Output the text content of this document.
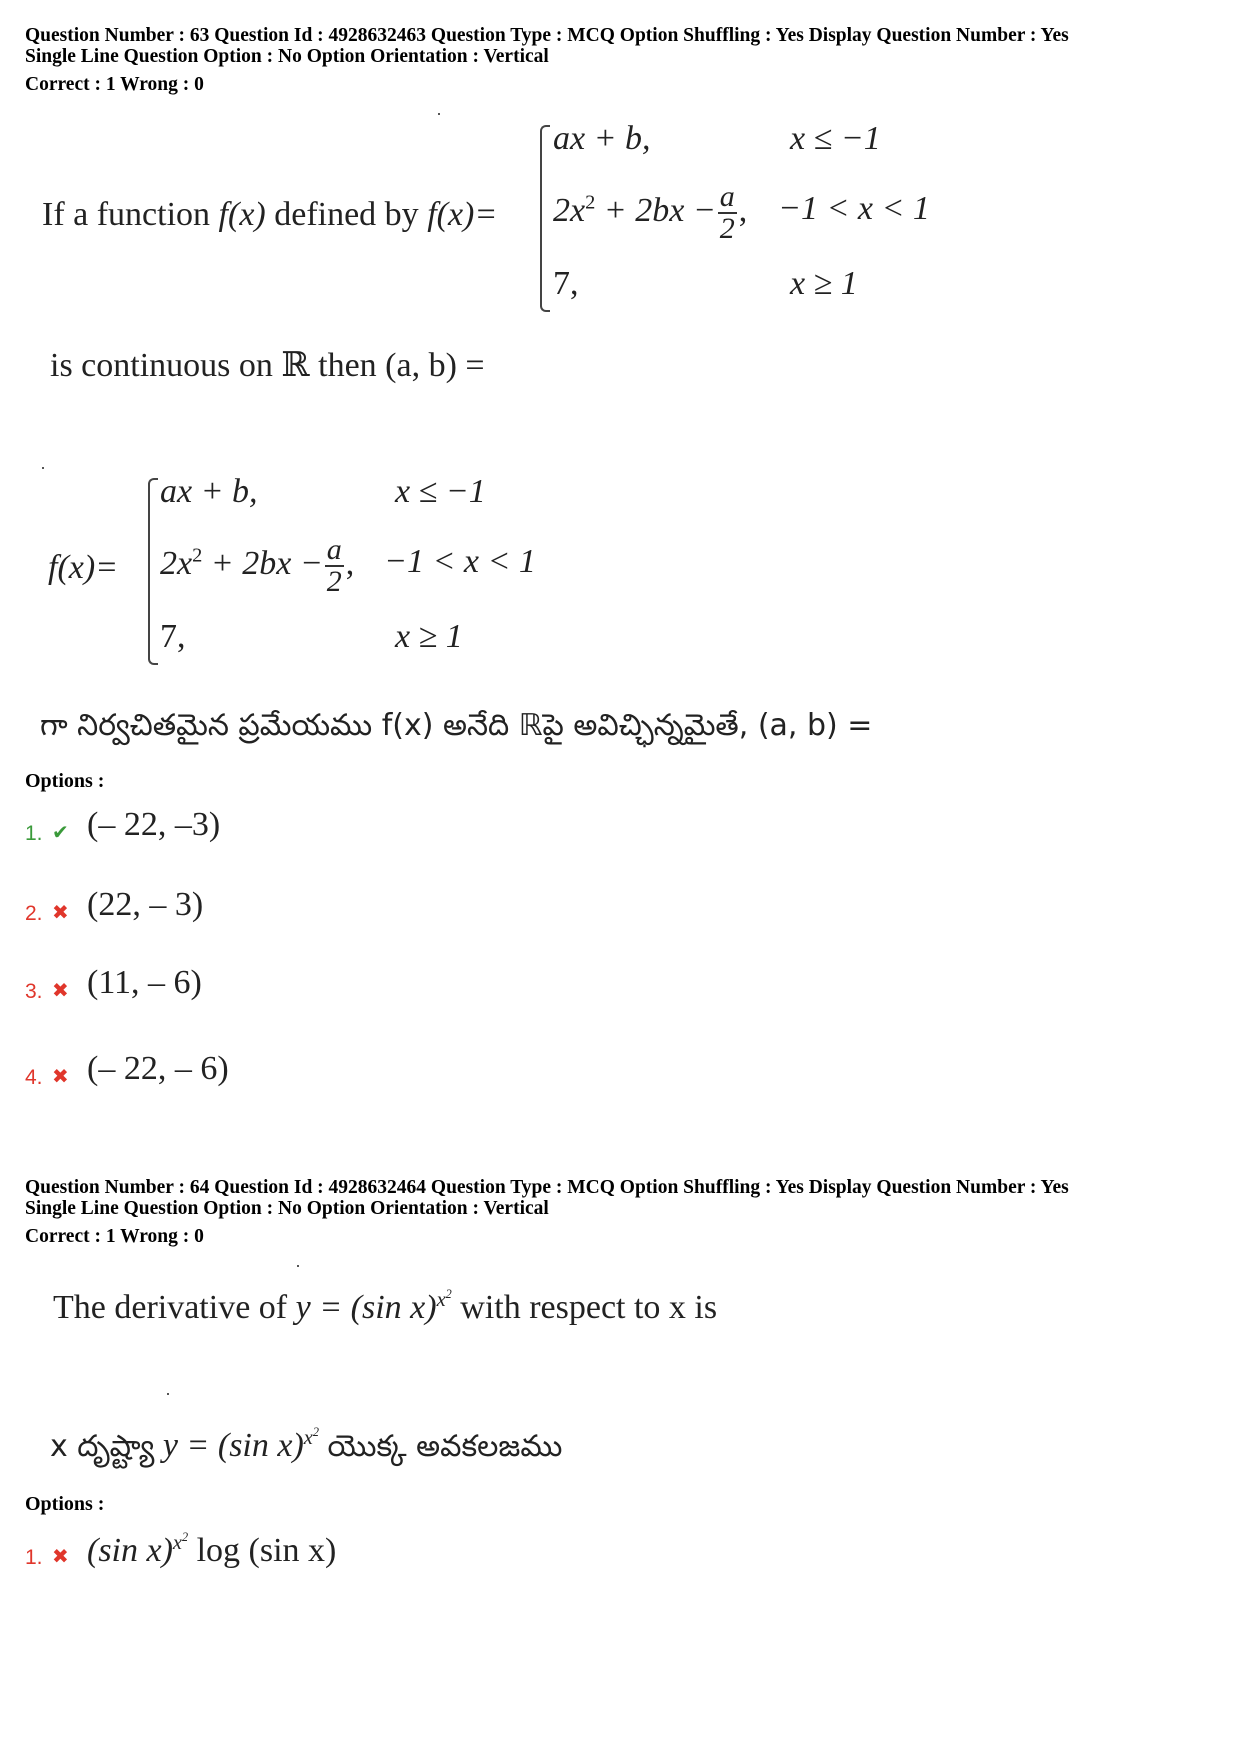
Question Number : 63 Question Id : 4928632463 Question Type : MCQ Option Shuffling : Yes Display Question Number : Yes
Single Line Question Option : No Option Orientation : Vertical
Correct : 1 Wrong : 0
If a function f(x) defined by f(x)=
ax + b,	x ≤ −1
$2x^2 + 2bx - \frac{a}{2}$ , −1 < x < 1
7,	x ≥ 1
is continuous on ℝ then (a, b) =
f(x)=
ax + b,	x ≤ −1
$2x^2 + 2bx - \frac{a}{2}$ , −1 < x < 1
7,	x ≥ 1
గా నిర్వచితమైన ప్రమేయము f(x) అనేది ℝపై అవిచ్ఛిన్నమైతే, (a, b) =
Options :
1. ✔ (– 22, –3)
2. ✖ (22, – 3)
3. ✖ (11, – 6)
4. ✖ (– 22, – 6)
Question Number : 64 Question Id : 4928632464 Question Type : MCQ Option Shuffling : Yes Display Question Number : Yes
Single Line Question Option : No Option Orientation : Vertical
Correct : 1 Wrong : 0
The derivative of y = (sin x)$^{x^2}$ with respect to x is
x దృష్ట్యా y = (sin x)$^{x^2}$ యొక్క అవకలజము
Options :
1. ✖ (sin x)$^{x^2}$ log (sin x)
